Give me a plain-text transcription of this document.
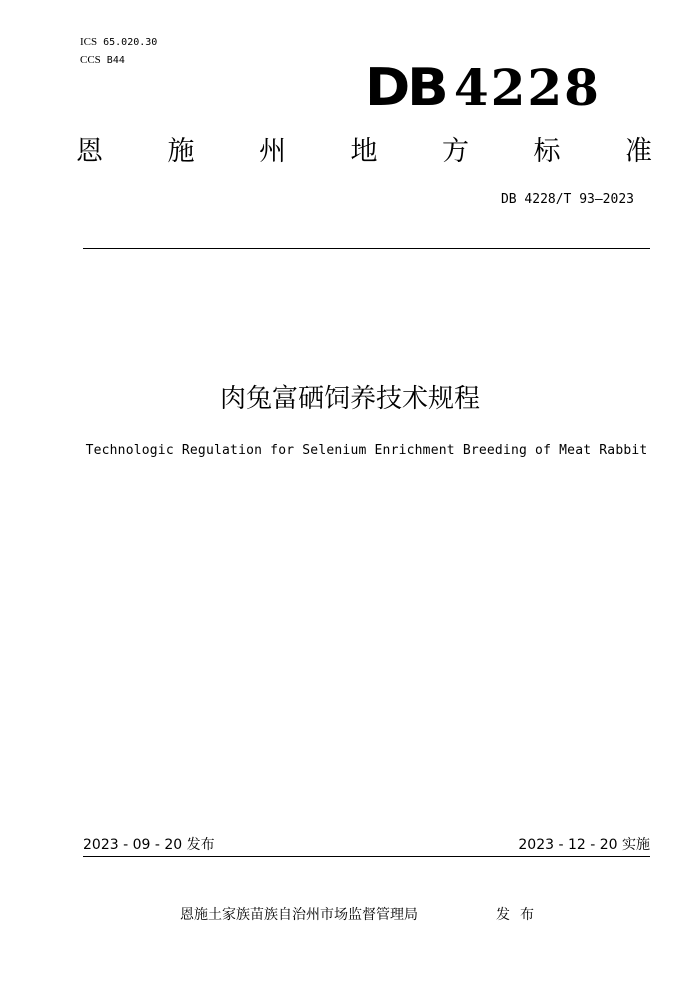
ICS 65.020.30
CCS B44	DB 4228
恩 施 州 地 方 标 准
DB 4228/T 93—2023
肉兔富硒饲养技术规程
Technologic Regulation for Selenium Enrichment Breeding of Meat Rabbit
2023 - 09 - 20 发布	2023 - 12 - 20 实施
恩施土家族苗族自治州市场监督管理局	发布
